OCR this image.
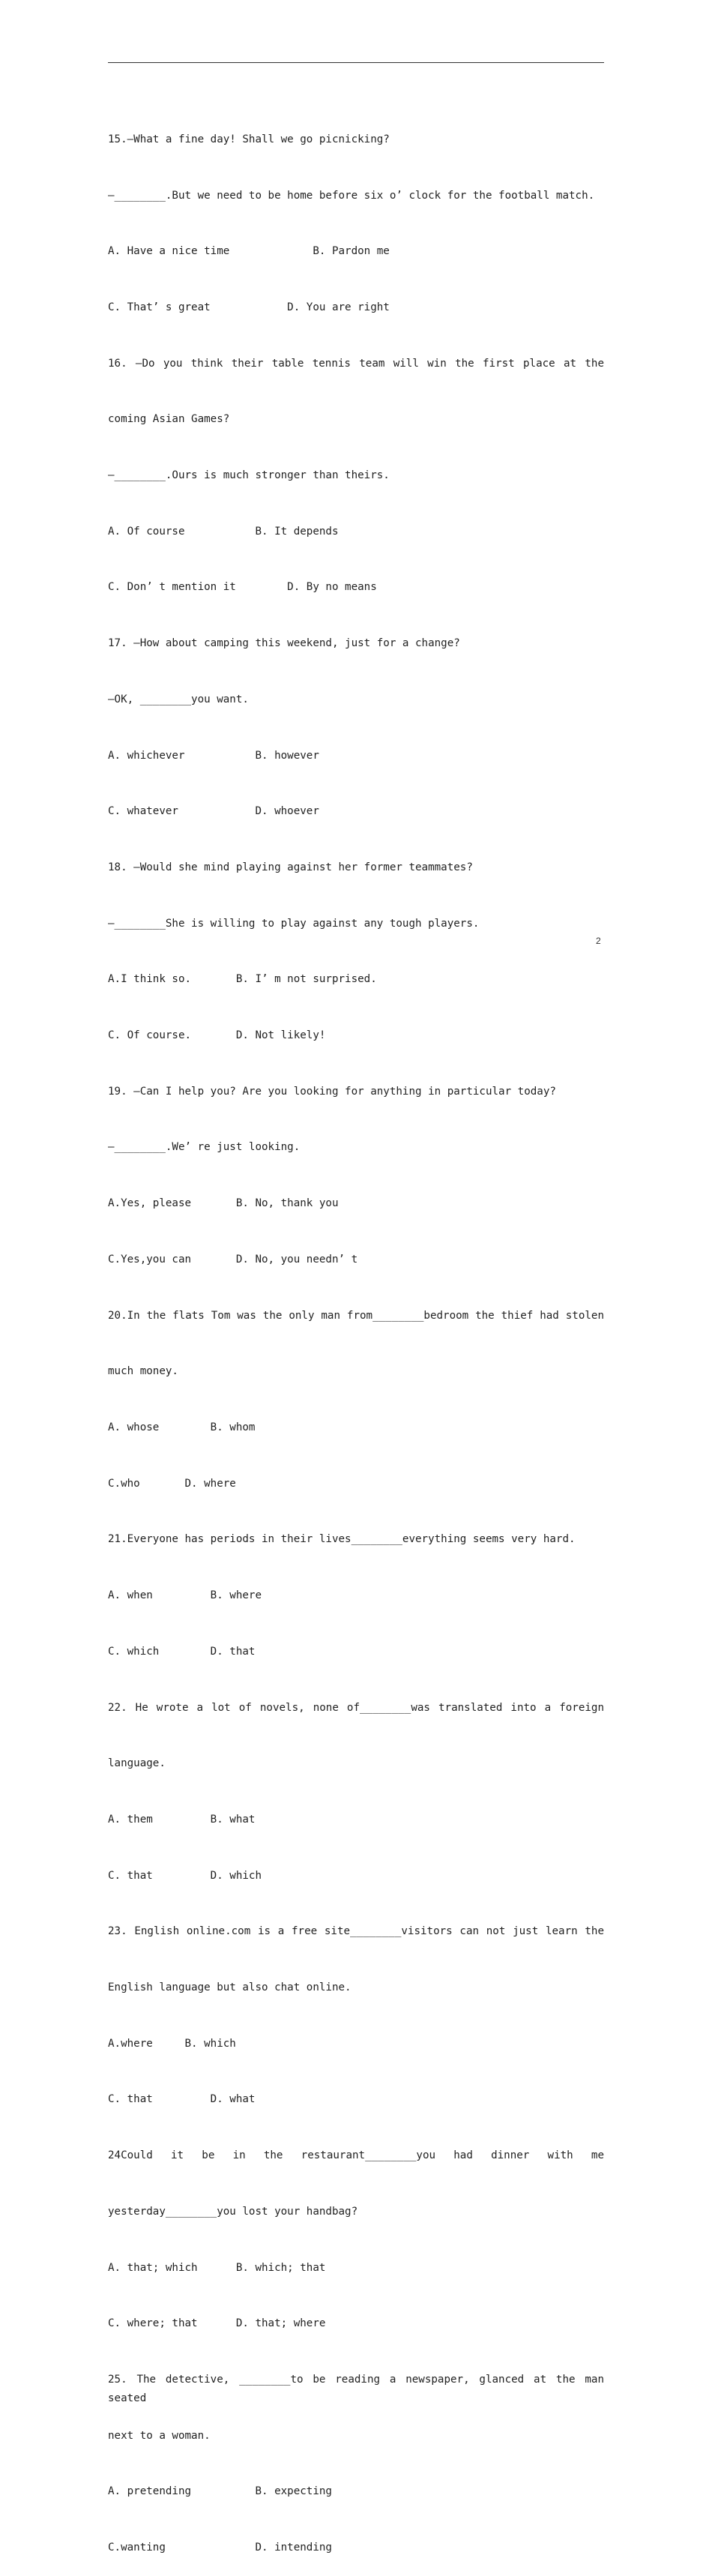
15.—What a fine day! Shall we go picnicking?

—________.But we need to be home before six o’ clock for the football match.

A. Have a nice time             B. Pardon me

C. That’ s great            D. You are right

16. —Do you think their table tennis team will win the first place at the

coming Asian Games?

—________.Ours is much stronger than theirs.

A. Of course           B. It depends

C. Don’ t mention it        D. By no means

17. —How about camping this weekend, just for a change?

—OK, ________you want.

A. whichever           B. however

C. whatever            D. whoever

18. —Would she mind playing against her former teammates?

—________She is willing to play against any tough players.

A.I think so.       B. I’ m not surprised.

C. Of course.       D. Not likely!

19. —Can I help you? Are you looking for anything in particular today?

—________.We’ re just looking.

A.Yes, please       B. No, thank you

C.Yes,you can       D. No, you needn’ t

20.In the flats Tom was the only man from________bedroom the thief had stolen

much money.

A. whose        B. whom

C.who       D. where

21.Everyone has periods in their lives________everything seems very hard.

A. when         B. where

C. which        D. that

22. He wrote a lot of novels, none of________was translated into a foreign

language.

A. them         B. what

C. that         D. which

23. English online.com is a free site________visitors can not just learn the

English language but also chat online.

A.where     B. which

C. that         D. what

24Could it be in the restaurant________you had dinner with me

yesterday________you lost your handbag?

A. that; which      B. which; that

C. where; that      D. that; where

25. The detective, ________to be reading a newspaper, glanced at the man seated

next to a woman.

A. pretending          B. expecting

C.wanting              D. intending

2
